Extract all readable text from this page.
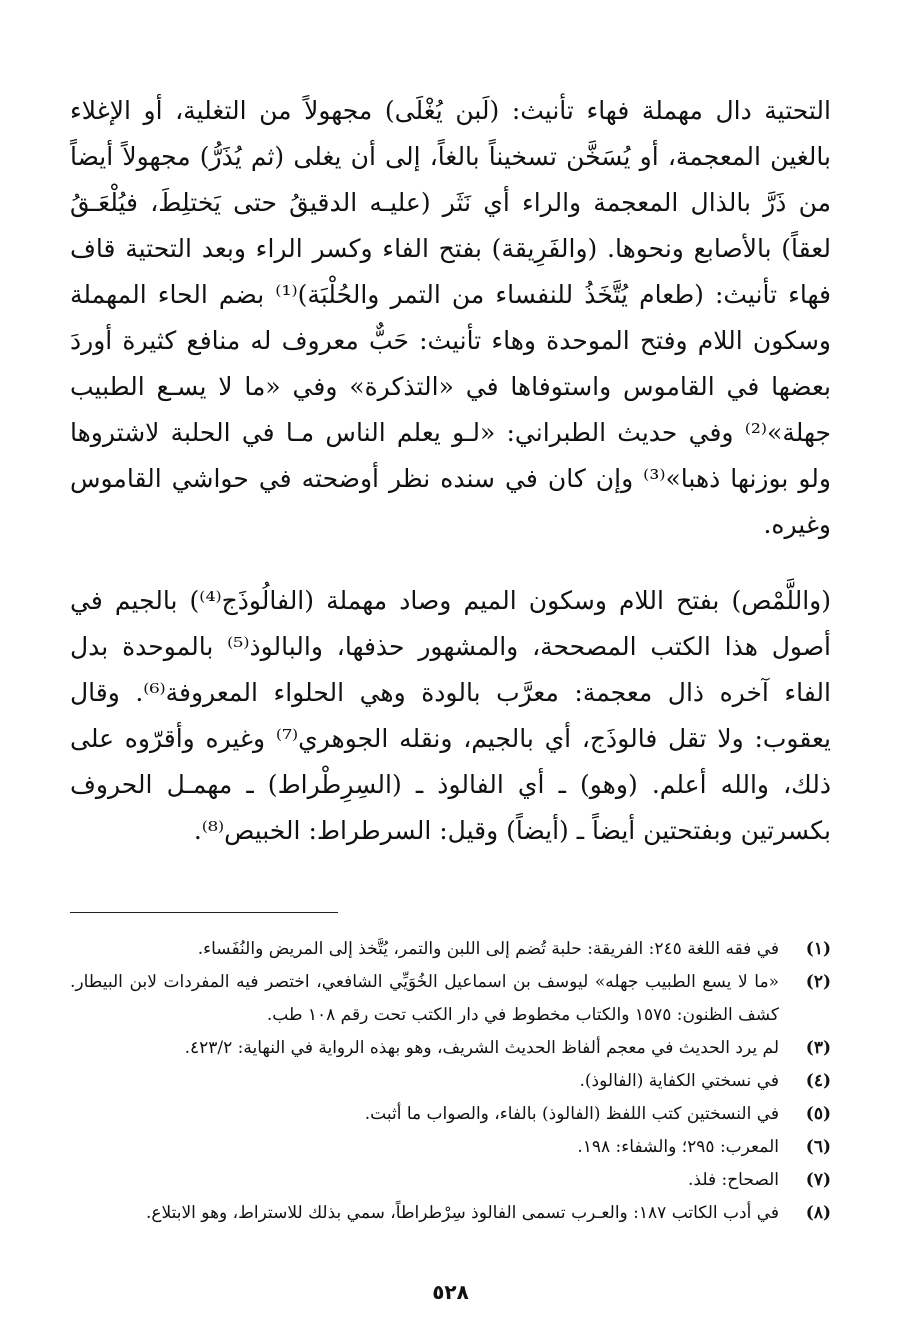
التحتية دال مهملة فهاء تأنيث: (لَبن يُغْلَى) مجهولاً من التغلية، أو الإغلاء بالغين المعجمة، أو يُسَخَّن تسخيناً بالغاً، إلى أن يغلى (ثم يُذَرُّ) مجهولاً أيضاً من ذَرَّ بالذال المعجمة والراء أي نَثَر (عليـه الدقيقُ حتى يَختلِطَ، فيُلْعَـقُ لعقاً) بالأصابع ونحوها. (والفَرِيقة) بفتح الفاء وكسر الراء وبعد التحتية قاف فهاء تأنيث: (طعام يُتَّخَذُ للنفساء من التمر والحُلْبَة)⁽¹⁾ بضم الحاء المهملة وسكون اللام وفتح الموحدة وهاء تأنيث: حَبٌّ معروف له منافع كثيرة أوردَ بعضها في القاموس واستوفاها في «التذكرة» وفي «ما لا يسـع الطبيب جهلة»⁽²⁾ وفي حديث الطبراني: «لـو يعلم الناس مـا في الحلبة لاشتروها ولو بوزنها ذهبا»⁽³⁾ وإن كان في سنده نظر أوضحته في حواشي القاموس وغيره.

(واللَّمْص) بفتح اللام وسكون الميم وصاد مهملة (الفالُوذَج⁽⁴⁾) بالجيم في أصول هذا الكتب المصححة، والمشهور حذفها، والبالوذ⁽⁵⁾ بالموحدة بدل الفاء آخره ذال معجمة: معرَّب بالودة وهي الحلواء المعروفة⁽⁶⁾. وقال يعقوب: ولا تقل فالوذَج، أي بالجيم، ونقله الجوهري⁽⁷⁾ وغيره وأقرّوه على ذلك، والله أعلم. (وهو) ـ أي الفالوذ ـ (السِرِطْراط) ـ مهمـل الحروف بكسرتين وبفتحتين أيضاً ـ (أيضاً) وقيل: السرطراط: الخبيص⁽⁸⁾.

(١)
في فقه اللغة ٢٤٥: الفريقة: حلبة تُضم إلى اللبن والتمر، يُتَّخذ إلى المريض والنُفَساء.
(٢)
«ما لا يسع الطبيب جهله» ليوسف بن اسماعيل الخُوَيِّي الشافعي، اختصر فيه المفردات لابن البيطار. كشف الظنون: ١٥٧٥ والكتاب مخطوط في دار الكتب تحت رقم ١٠٨ طب.
(٣)
لم يرد الحديث في معجم ألفاظ الحديث الشريف، وهو بهذه الرواية في النهاية: ٤٢٣/٢.
(٤)
في نسختي الكفاية (الفالوذ).
(٥)
في النسختين كتب اللفظ (الفالوذ) بالفاء، والصواب ما أثبت.
(٦)
المعرب: ٢٩٥؛ والشفاء: ١٩٨.
(٧)
الصحاح: فلذ.
(٨)
في أدب الكاتب ١٨٧: والعـرب تسمى الفالوذ سِرْطراطاً، سمي بذلك للاستراط، وهو الابتلاع.
٥٢٨
